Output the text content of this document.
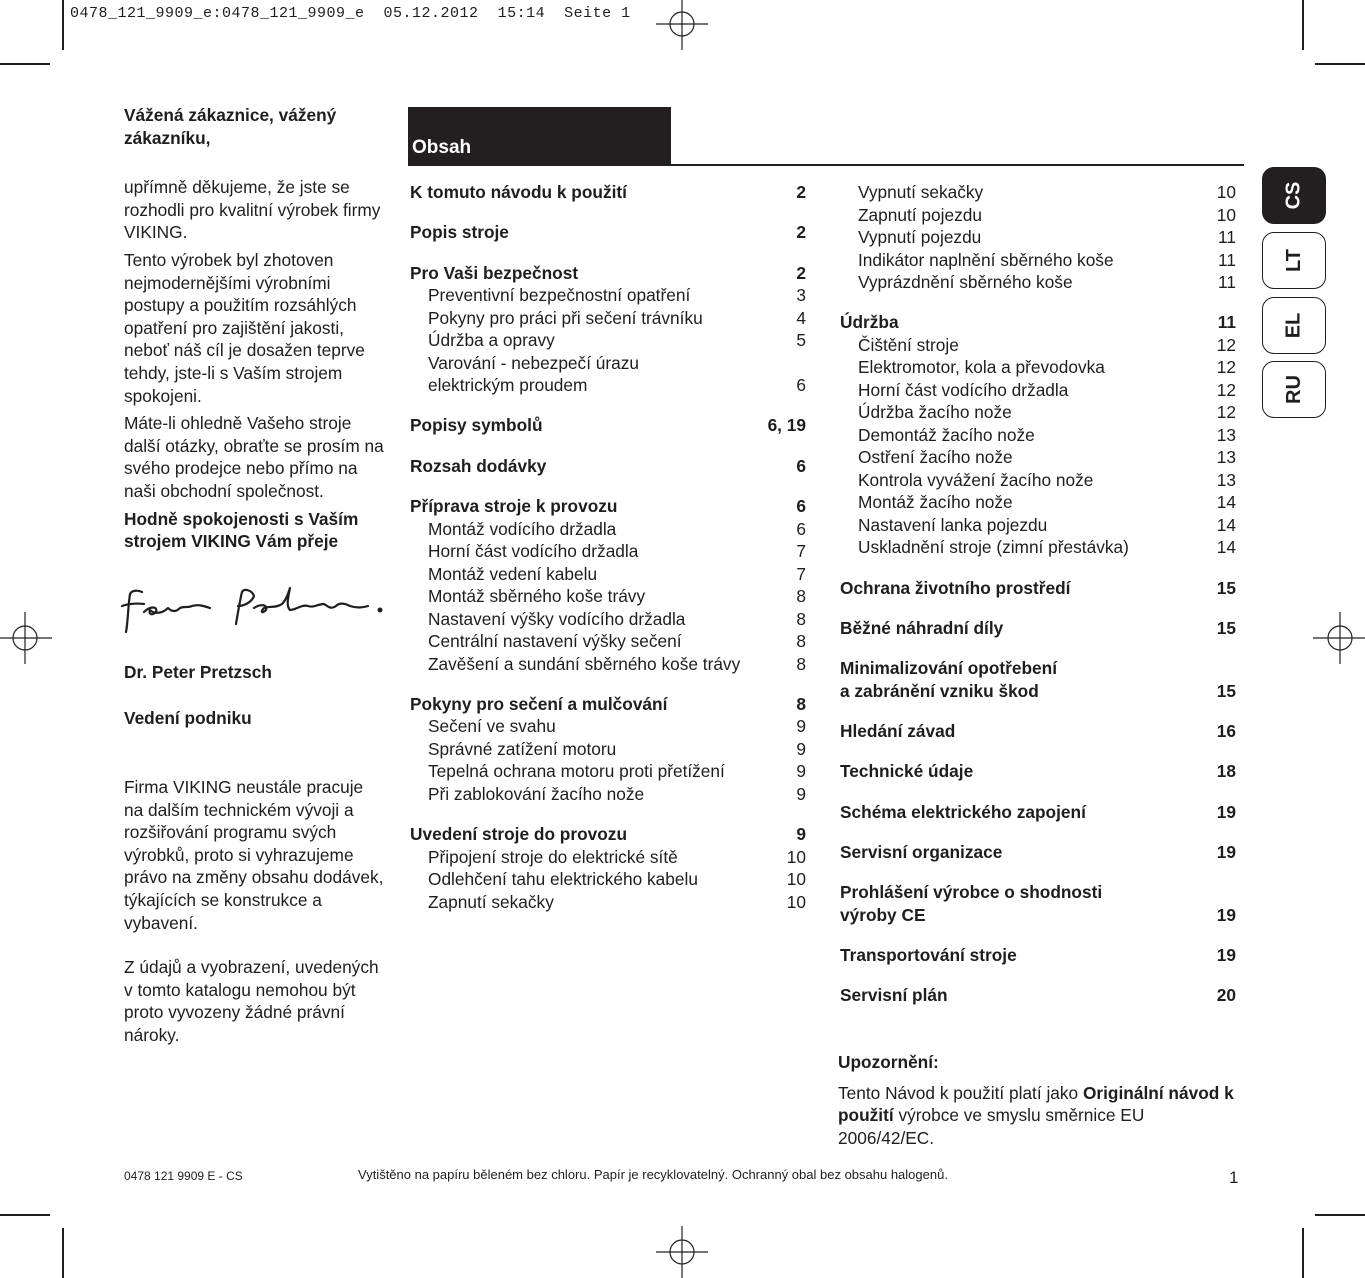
0478_121_9909_e:0478_121_9909_e  05.12.2012  15:14  Seite 1

Vážená zákaznice, vážený zákazníku,

upřímně děkujeme, že jste se rozhodli pro kvalitní výrobek firmy VIKING.

Tento výrobek byl zhotoven nejmodernějšími výrobními postupy a použitím rozsáhlých opatření pro zajištění jakosti, neboť náš cíl je dosažen teprve tehdy, jste-li s Vaším strojem spokojeni.

Máte-li ohledně Vašeho stroje další otázky, obraťte se prosím na svého prodejce nebo přímo na naši obchodní společnost.

Hodně spokojenosti s Vaším strojem VIKING Vám přeje

Dr. Peter Pretzsch
Vedení podniku

Firma VIKING neustále pracuje na dalším technickém vývoji a rozšiřování programu svých výrobků, proto si vyhrazujeme právo na změny obsahu dodávek, týkajících se konstrukce a vybavení.

Z údajů a vyobrazení, uvedených v tomto katalogu nemohou být proto vyvozeny žádné právní nároky.

Obsah
K tomuto návodu k použití	2
Popis stroje	2
Pro Vaši bezpečnost	2
Preventivní bezpečnostní opatření	3
Pokyny pro práci při sečení trávníku	4
Údržba a opravy	5
Varování - nebezpečí úrazu
elektrickým proudem	6
Popisy symbolů	6, 19
Rozsah dodávky	6
Příprava stroje k provozu	6
Montáž vodícího držadla	6
Horní část vodícího držadla	7
Montáž vedení kabelu	7
Montáž sběrného koše trávy	8
Nastavení výšky vodícího držadla	8
Centrální nastavení výšky sečení	8
Zavěšení a sundání sběrného koše trávy	8
Pokyny pro sečení a mulčování	8
Sečení ve svahu	9
Správné zatížení motoru	9
Tepelná ochrana motoru proti přetížení	9
Při zablokování žacího nože	9
Uvedení stroje do provozu	9
Připojení stroje do elektrické sítě	10
Odlehčení tahu elektrického kabelu	10
Zapnutí sekačky	10
Vypnutí sekačky	10
Zapnutí pojezdu	10
Vypnutí pojezdu	11
Indikátor naplnění sběrného koše	11
Vyprázdnění sběrného koše	11
Údržba	11
Čištění stroje	12
Elektromotor, kola a převodovka	12
Horní část vodícího držadla	12
Údržba žacího nože	12
Demontáž žacího nože	13
Ostření žacího nože	13
Kontrola vyvážení žacího nože	13
Montáž žacího nože	14
Nastavení lanka pojezdu	14
Uskladnění stroje (zimní přestávka)	14
Ochrana životního prostředí	15
Běžné náhradní díly	15
Minimalizování opotřebení
a zabránění vzniku škod	15
Hledání závad	16
Technické údaje	18
Schéma elektrického zapojení	19
Servisní organizace	19
Prohlášení výrobce o shodnosti
výroby CE	19
Transportování stroje	19
Servisní plán	20
CS
LT
EL
RU

Upozornění:

Tento Návod k použití platí jako Originální návod k použití výrobce ve smyslu směrnice EU 2006/42/EC.

0478 121 9909 E - CS	Vytištěno na papíru běleném bez chloru. Papír je recyklovatelný. Ochranný obal bez obsahu halogenů.	1
